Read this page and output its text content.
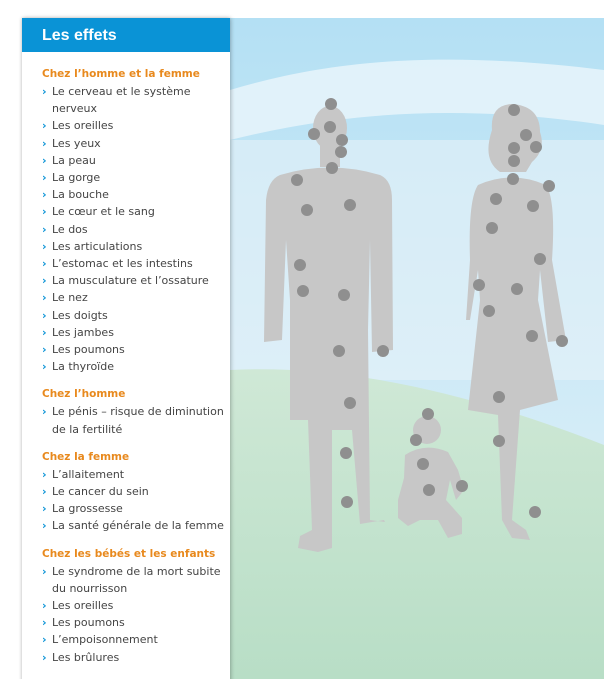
Les effets
Chez l’homme et la femme
› Le cerveau et le système nerveux
› Les oreilles
› Les yeux
› La peau
› La gorge
› La bouche
› Le cœur et le sang
› Le dos
› Les articulations
› L’estomac et les intestins
› La musculature et l’ossature
› Le nez
› Les doigts
› Les jambes
› Les poumons
› La thyroïde
Chez l’homme
› Le pénis – risque de diminution de la fertilité
Chez la femme
› L’allaitement
› Le cancer du sein
› La grossesse
› La santé générale de la femme
Chez les bébés et les enfants
› Le syndrome de la mort subite du nourrisson
› Les oreilles
› Les poumons
› L’empoisonnement
› Les brûlures
